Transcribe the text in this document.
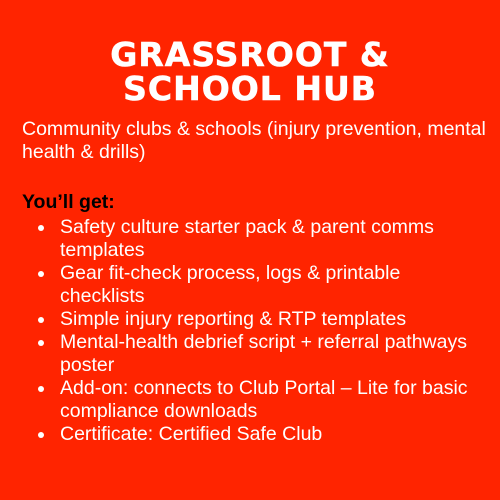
GRASSROOT &
SCHOOL HUB

Community clubs & schools (injury prevention, mental health & drills)

You’ll get:

Safety culture starter pack & parent comms templates
Gear fit-check process, logs & printable checklists
Simple injury reporting & RTP templates
Mental-health debrief script + referral pathways poster
Add-on: connects to Club Portal – Lite for basic compliance downloads
Certificate: Certified Safe Club
